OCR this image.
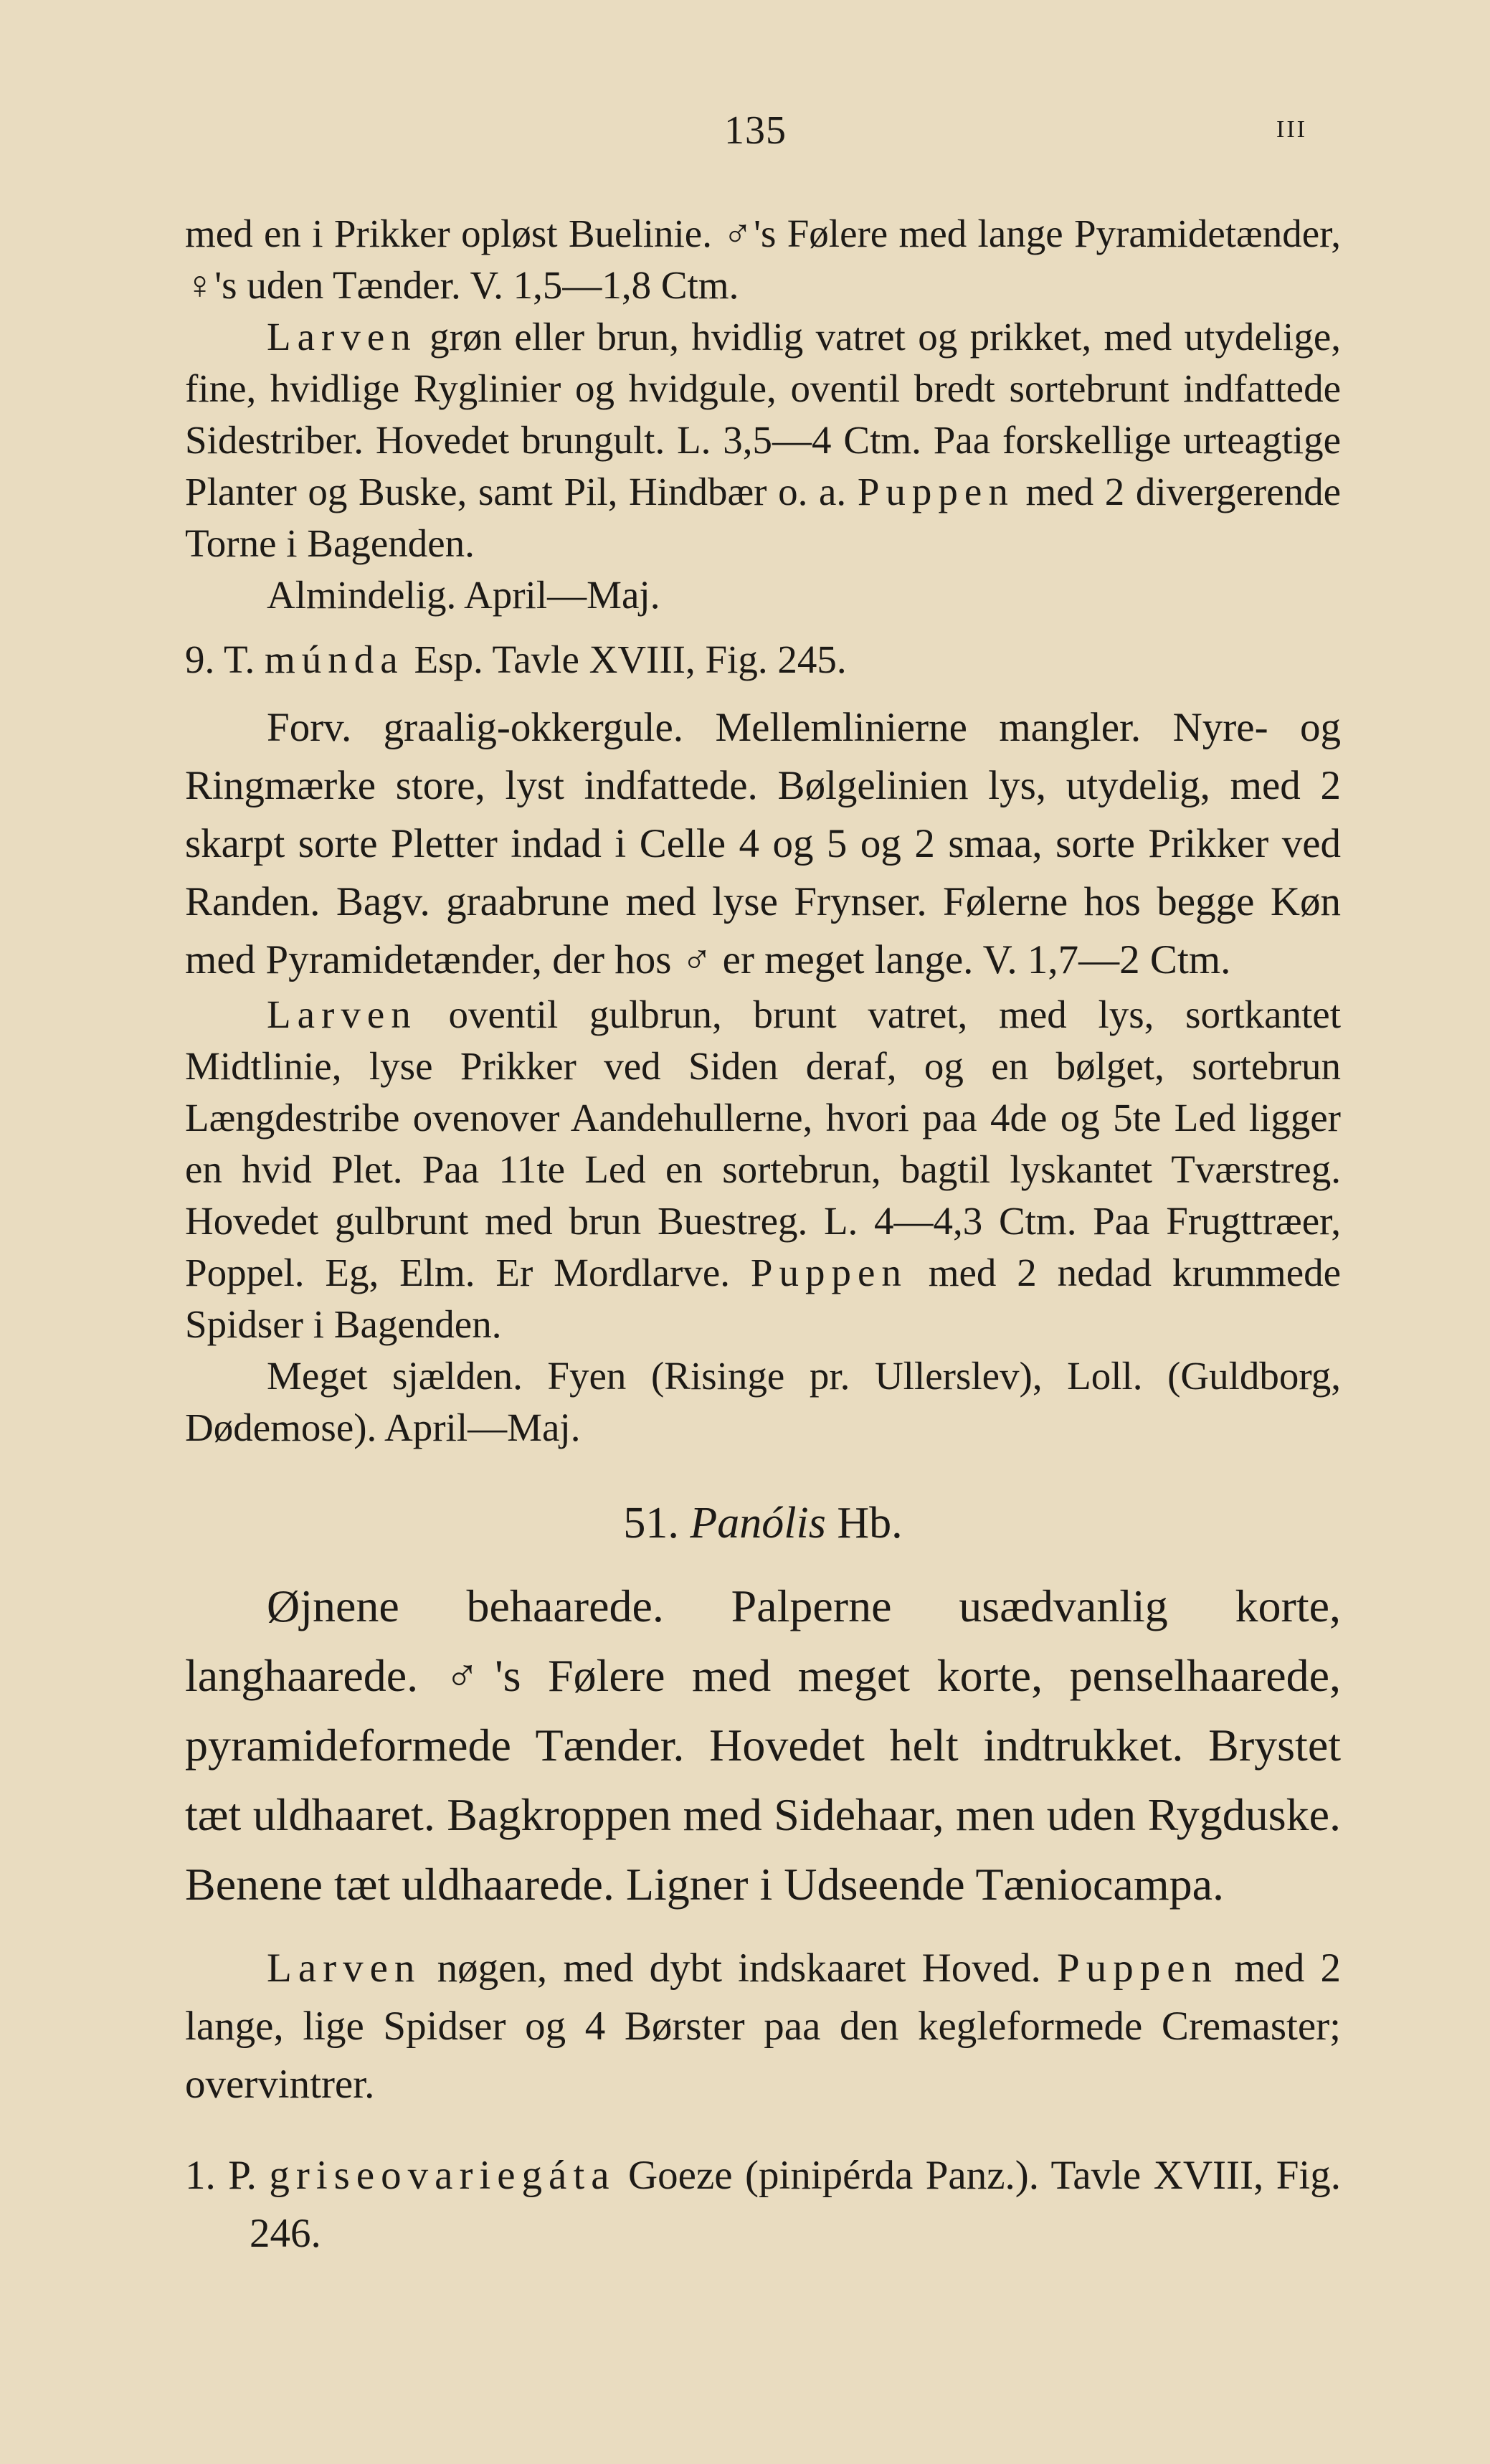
135	III

med en i Prikker opløst Buelinie. ♂'s Følere med lange Pyramidetænder, ♀'s uden Tænder. V. 1,5—1,8 Ctm.

Larven grøn eller brun, hvidlig vatret og prikket, med utydelige, fine, hvidlige Ryglinier og hvidgule, oventil bredt sortebrunt indfattede Sidestriber. Hovedet brungult. L. 3,5—4 Ctm. Paa forskellige urteagtige Planter og Buske, samt Pil, Hindbær o. a. Puppen med 2 divergerende Torne i Bagenden.

Almindelig. April—Maj.

9. T. múnda Esp. Tavle XVIII, Fig. 245.

Forv. graalig-okkergule. Mellemlinierne mangler. Nyre- og Ringmærke store, lyst indfattede. Bølgelinien lys, utydelig, med 2 skarpt sorte Pletter indad i Celle 4 og 5 og 2 smaa, sorte Prikker ved Randen. Bagv. graabrune med lyse Frynser. Følerne hos begge Køn med Pyramidetænder, der hos ♂ er meget lange. V. 1,7—2 Ctm.

Larven oventil gulbrun, brunt vatret, med lys, sortkantet Midtlinie, lyse Prikker ved Siden deraf, og en bølget, sortebrun Længdestribe ovenover Aandehullerne, hvori paa 4de og 5te Led ligger en hvid Plet. Paa 11te Led en sortebrun, bagtil lyskantet Tværstreg. Hovedet gulbrunt med brun Buestreg. L. 4—4,3 Ctm. Paa Frugttræer, Poppel. Eg, Elm. Er Mordlarve. Puppen med 2 nedad krummede Spidser i Bagenden.

Meget sjælden. Fyen (Risinge pr. Ullerslev), Loll. (Guldborg, Dødemose). April—Maj.

51. Panólis Hb.

Øjnene behaarede. Palperne usædvanlig korte, langhaarede. ♂'s Følere med meget korte, penselhaarede, pyramideformede Tænder. Hovedet helt indtrukket. Brystet tæt uldhaaret. Bagkroppen med Sidehaar, men uden Rygduske. Benene tæt uldhaarede. Ligner i Udseende Tæniocampa.

Larven nøgen, med dybt indskaaret Hoved. Puppen med 2 lange, lige Spidser og 4 Børster paa den kegleformede Cremaster; overvintrer.

1. P. griseovariegáta Goeze (pinipérda Panz.). Tavle XVIII, Fig. 246.
